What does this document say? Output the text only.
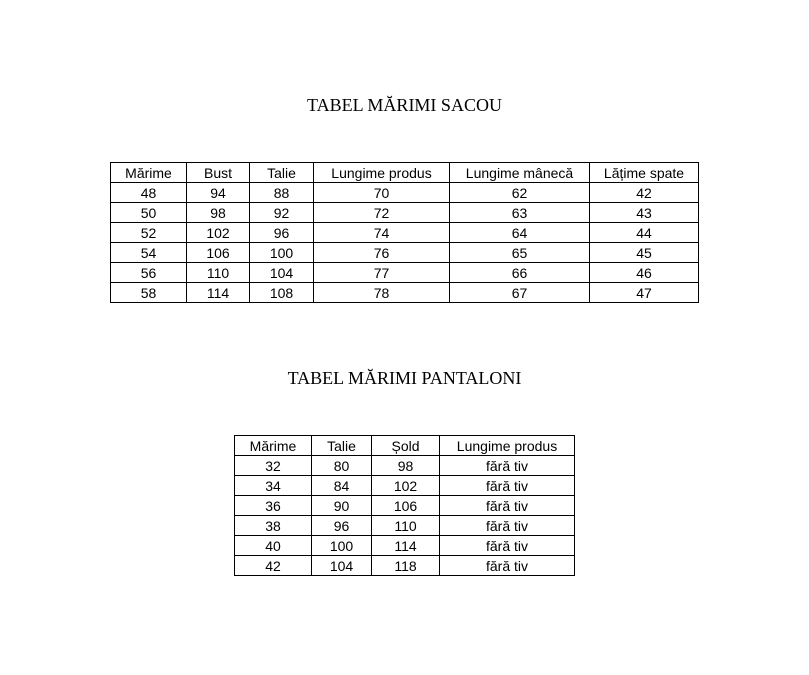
TABEL MĂRIMI SACOU
Mărime	Bust	Talie	Lungime produs	Lungime mânecă	Lățime spate
48	94	88	70	62	42
50	98	92	72	63	43
52	102	96	74	64	44
54	106	100	76	65	45
56	110	104	77	66	46
58	114	108	78	67	47
TABEL MĂRIMI PANTALONI
Mărime	Talie	Șold	Lungime produs
32	80	98	fără tiv
34	84	102	fără tiv
36	90	106	fără tiv
38	96	110	fără tiv
40	100	114	fără tiv
42	104	118	fără tiv
